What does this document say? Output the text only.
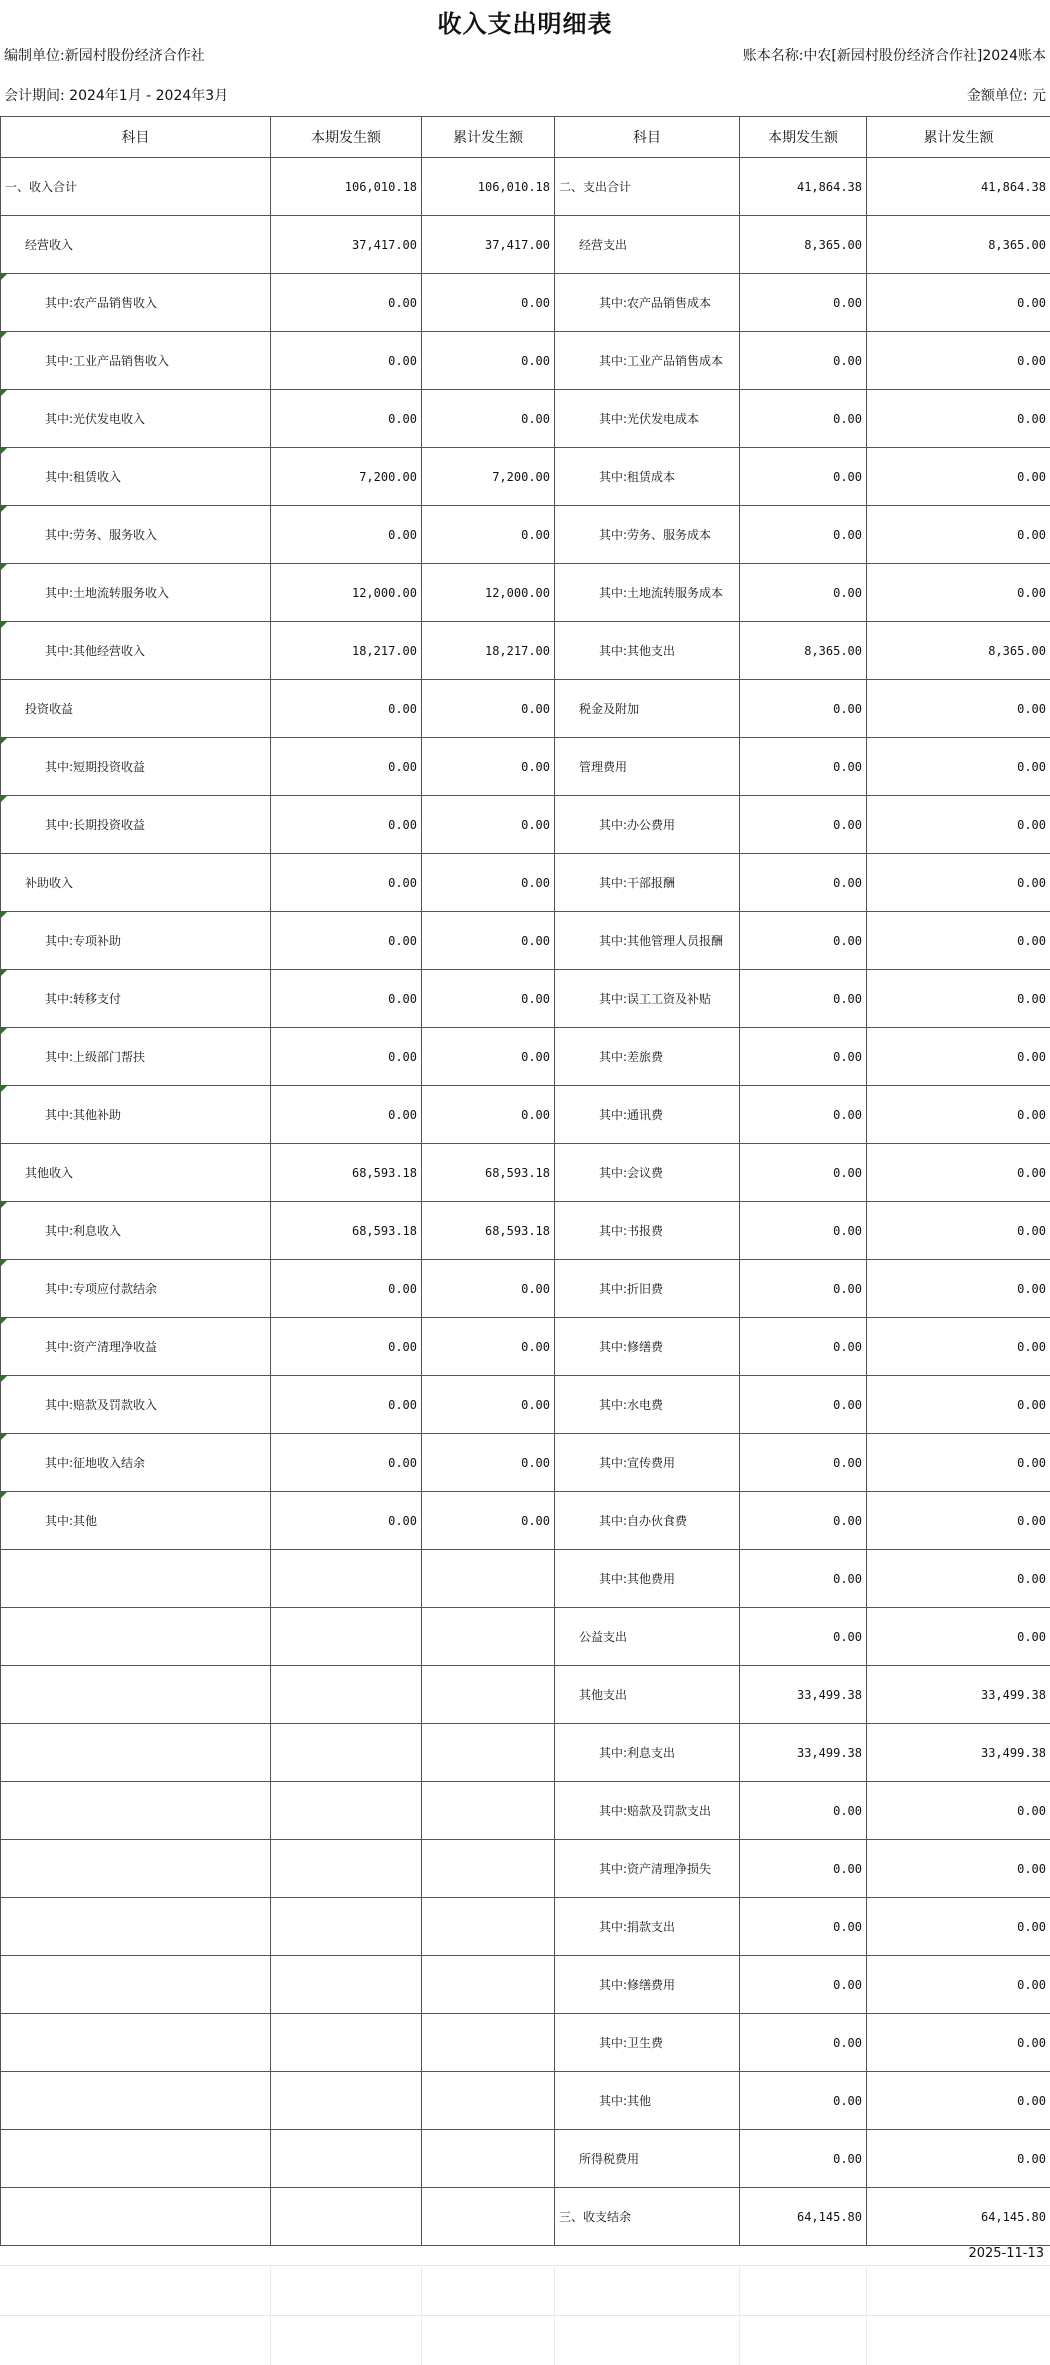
收入支出明细表
编制单位:新园村股份经济合作社	账本名称:中农[新园村股份经济合作社]2024账本
会计期间: 2024年1月 - 2024年3月	金额单位: 元
科目	本期发生额	累计发生额	科目	本期发生额	累计发生额
一、收入合计	106,010.18	106,010.18	二、支出合计	41,864.38	41,864.38
经营收入	37,417.00	37,417.00	经营支出	8,365.00	8,365.00
其中:农产品销售收入	0.00	0.00	其中:农产品销售成本	0.00	0.00
其中:工业产品销售收入	0.00	0.00	其中:工业产品销售成本	0.00	0.00
其中:光伏发电收入	0.00	0.00	其中:光伏发电成本	0.00	0.00
其中:租赁收入	7,200.00	7,200.00	其中:租赁成本	0.00	0.00
其中:劳务、服务收入	0.00	0.00	其中:劳务、服务成本	0.00	0.00
其中:土地流转服务收入	12,000.00	12,000.00	其中:土地流转服务成本	0.00	0.00
其中:其他经营收入	18,217.00	18,217.00	其中:其他支出	8,365.00	8,365.00
投资收益	0.00	0.00	税金及附加	0.00	0.00
其中:短期投资收益	0.00	0.00	管理费用	0.00	0.00
其中:长期投资收益	0.00	0.00	其中:办公费用	0.00	0.00
补助收入	0.00	0.00	其中:干部报酬	0.00	0.00
其中:专项补助	0.00	0.00	其中:其他管理人员报酬	0.00	0.00
其中:转移支付	0.00	0.00	其中:误工工资及补贴	0.00	0.00
其中:上级部门帮扶	0.00	0.00	其中:差旅费	0.00	0.00
其中:其他补助	0.00	0.00	其中:通讯费	0.00	0.00
其他收入	68,593.18	68,593.18	其中:会议费	0.00	0.00
其中:利息收入	68,593.18	68,593.18	其中:书报费	0.00	0.00
其中:专项应付款结余	0.00	0.00	其中:折旧费	0.00	0.00
其中:资产清理净收益	0.00	0.00	其中:修缮费	0.00	0.00
其中:赔款及罚款收入	0.00	0.00	其中:水电费	0.00	0.00
其中:征地收入结余	0.00	0.00	其中:宣传费用	0.00	0.00
其中:其他	0.00	0.00	其中:自办伙食费	0.00	0.00
			其中:其他费用	0.00	0.00
			公益支出	0.00	0.00
			其他支出	33,499.38	33,499.38
			其中:利息支出	33,499.38	33,499.38
			其中:赔款及罚款支出	0.00	0.00
			其中:资产清理净损失	0.00	0.00
			其中:捐款支出	0.00	0.00
			其中:修缮费用	0.00	0.00
			其中:卫生费	0.00	0.00
			其中:其他	0.00	0.00
			所得税费用	0.00	0.00
			三、收支结余	64,145.80	64,145.80
2025-11-13
